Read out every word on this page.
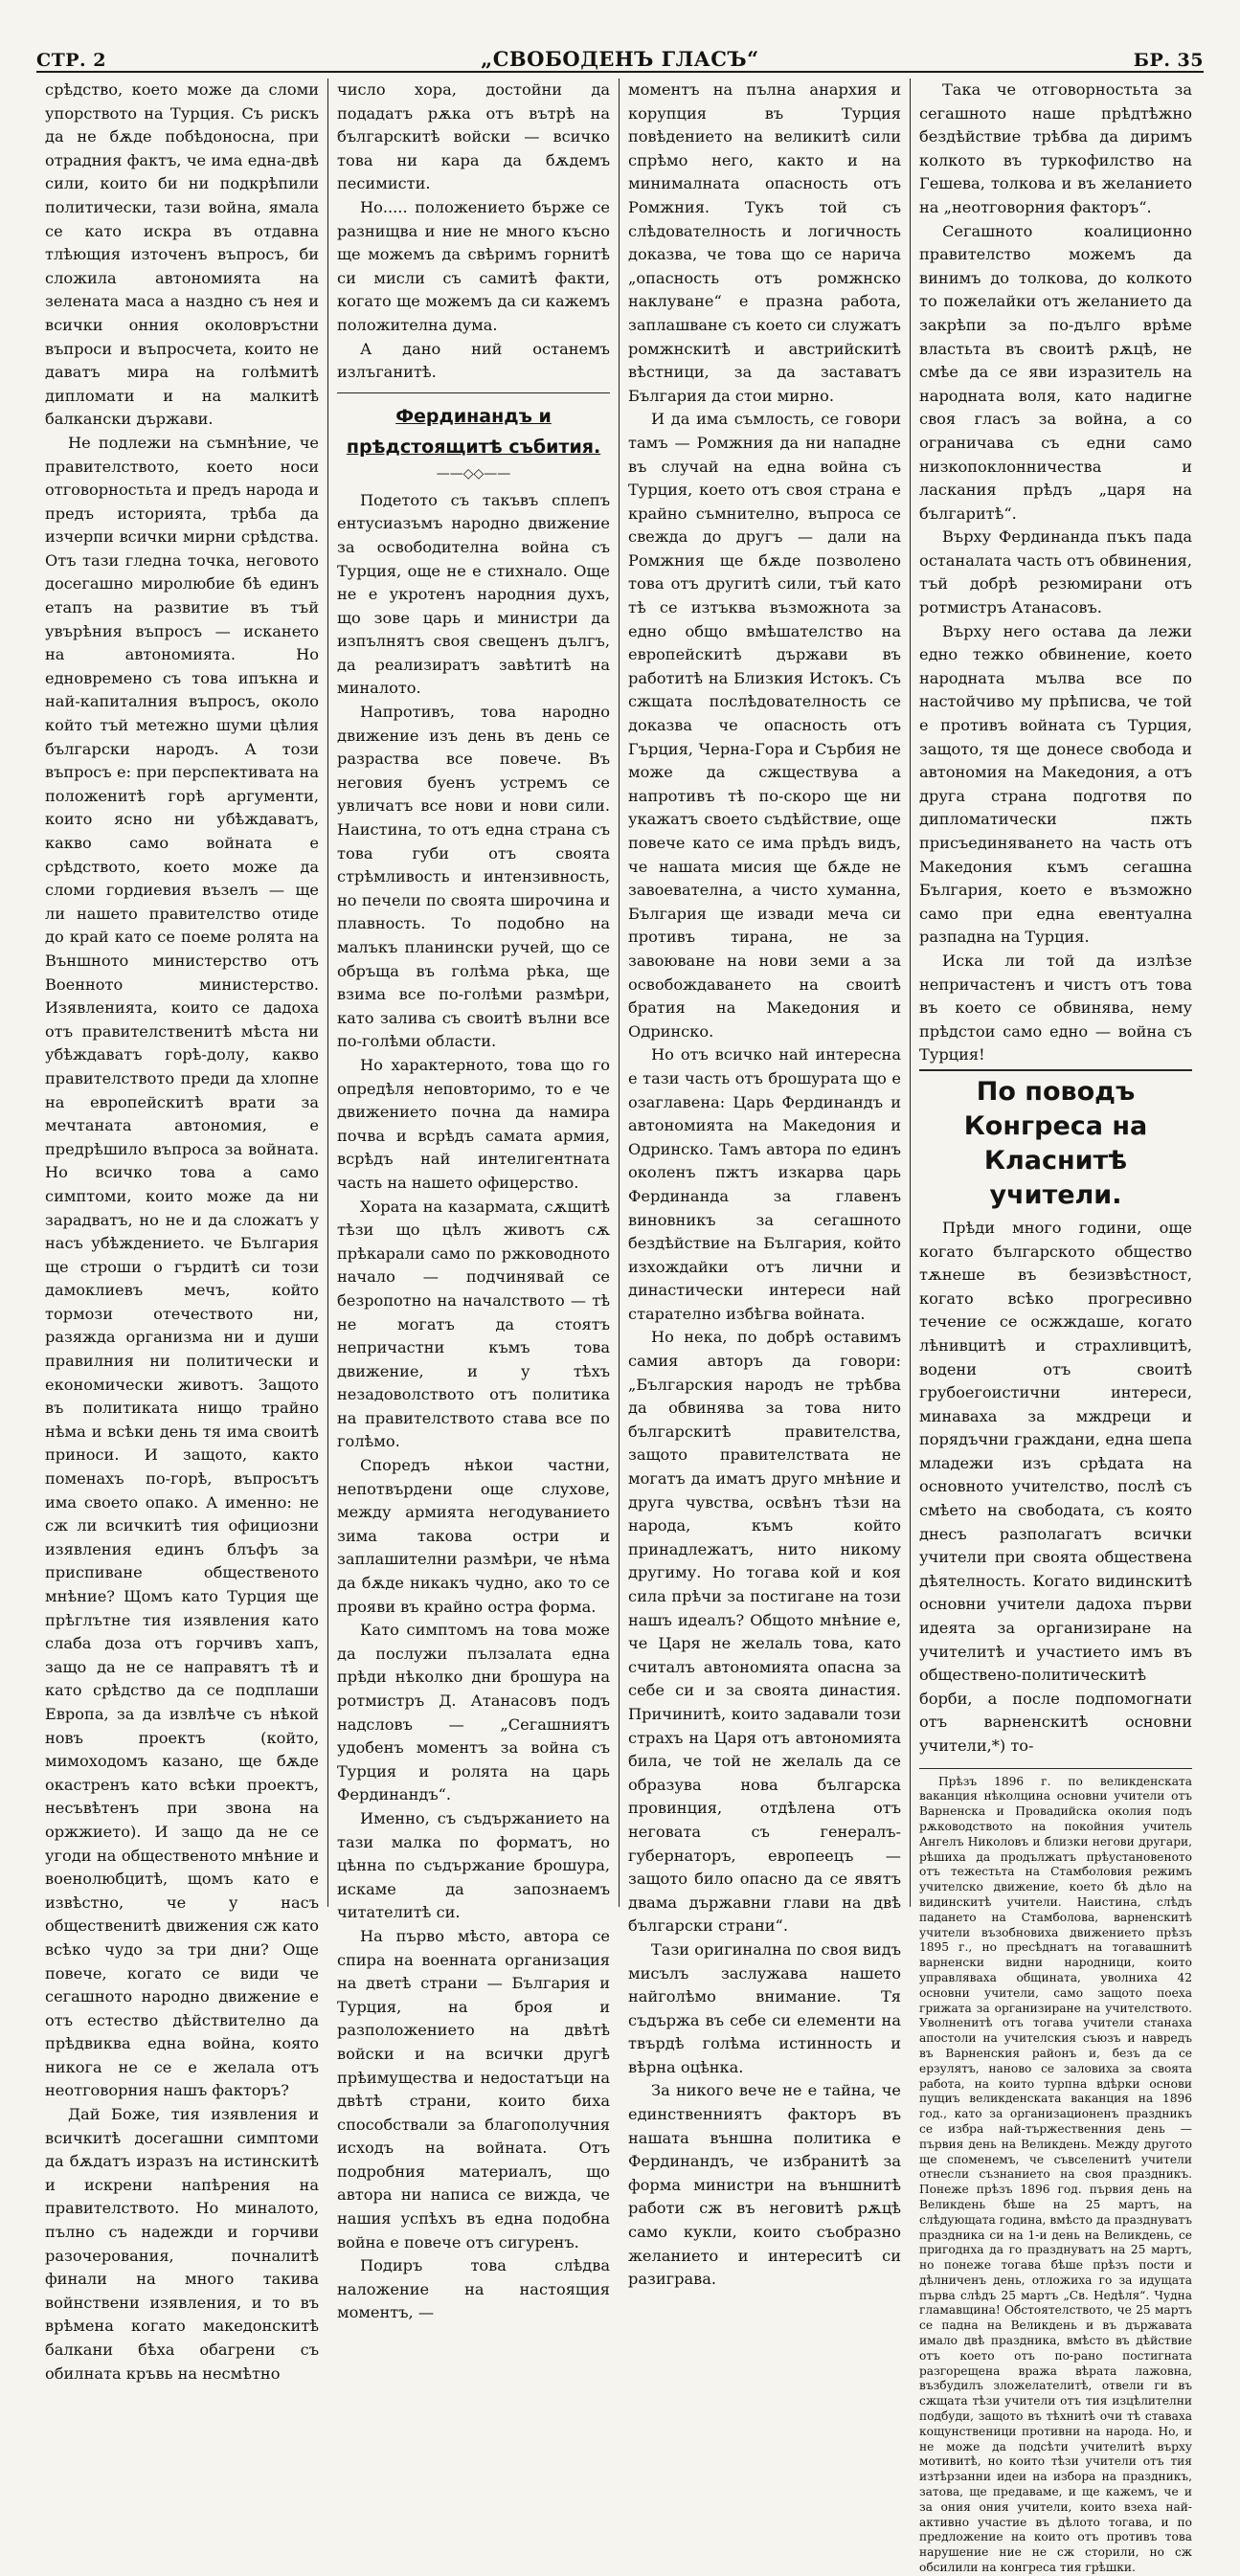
СТР. 2	„СВОБОДЕНЪ ГЛАСЪ“	БР. 35

срѣдство, което може да сломи упорството на Турция. Съ рискъ да не бѫде побѣдоносна, при отрадния фактъ, че има една-двѣ сили, които би ни подкрѣпили политически, тази война, ямала се като искра въ отдавна тлѣющия източенъ въпросъ, би сложила автономията на зелената маса а наздно съ нея и всички онния околовръстни въпроси и въпросчета, които не даватъ мира на голѣмитѣ дипломати и на малкитѣ балкански държави.

Не подлежи на съмнѣние, че правителството, което носи отговорностьта и предъ народа и предъ историята, трѣба да изчерпи всички мирни срѣдства. Отъ тази гледна точка, неговото досегашно миролюбие бѣ единъ етапъ на развитие въ тъй увърѣния въпросъ — искането на автономията. Но едновремено съ това ипъкна и най-капиталния въпросъ, около който тъй метежно шуми цѣлия български народъ. А този въпросъ е: при перспективата на положенитѣ горѣ аргументи, които ясно ни убѣждаватъ, какво само войната е срѣдството, което може да сломи гордиевия възелъ — ще ли нашето правителство отиде до край като се поеме ролята на Външното министерство отъ Военното министерство. Изявленията, които се дадоха отъ правителственитѣ мѣста ни убѣждаватъ горѣ-долу, какво правителството преди да хлопне на европейскитѣ врати за мечтаната автономия, е предрѣшило въпроса за войната. Но всичко това а само симптоми, които може да ни зарадватъ, но не и да сложатъ у насъ убѣждението. че България ще строши о гърдитѣ си този дамоклиевъ мечъ, който тормози отечеството ни, разяжда организма ни и души правилния ни политически и економически животъ. Защото въ политиката нищо трайно нѣма и всѣки день тя има своитѣ приноси. И защото, както поменахъ по-горѣ, въпросътъ има своето опако. А именно: не сж ли всичкитѣ тия официозни изявления единъ блъфъ за приспиване общественото мнѣние? Щомъ като Турция ще прѣглътне тия изявления като слаба доза отъ горчивъ хапъ, защо да не се направятъ тѣ и като срѣдство да се подплаши Европа, за да извлѣче съ нѣкой новъ проектъ (който, мимоходомъ казано, ще бѫде окастренъ като всѣки проектъ, несъвѣтенъ при звона на оржжието). И защо да не се угоди на общественото мнѣние и военолюбцитѣ, щомъ като е извѣстно, че у насъ общественитѣ движения сж като всѣко чудо за три дни? Още повече, когато се види че сегашното народно движение е отъ естество дѣйствително да прѣдвиква една война, която никога не се е желала отъ неотговорния нашъ факторъ?

Дай Боже, тия изявления и всичкитѣ досегашни симптоми да бѫдатъ изразъ на истинскитѣ и искрени напѣрения на правителството. Но миналото, пълно съ надежди и горчиви разочерования, почналитѣ финали на много такива войнствени изявления, и то въ врѣмена когато македонскитѣ балкани бѣха обагрени съ обилната кръвь на несмѣтно

число хора, достойни да подадатъ рѫка отъ вътрѣ на българскитѣ войски — всичко това ни кара да бѫдемъ песимисти.

Но..... положението бърже се разнищва и ние не много късно ще можемъ да свѣримъ горнитѣ си мисли съ самитѣ факти, когато ще можемъ да си кажемъ положителна дума.

А дано ний останемъ излъганитѣ.

Фердинандъ и прѣдстоящитѣ събития.
——◇◇——

Подетото съ такъвъ сплепъ ентусиазъмъ народно движение за освободителна война съ Турция, още не е стихнало. Още не е укротенъ народния духъ, що зове царь и министри да изпълнятъ своя свещенъ дългъ, да реализиратъ завѣтитѣ на миналото.

Напротивъ, това народно движение изъ день въ день се разраства все повече. Въ неговия буенъ устремъ се увличатъ все нови и нови сили. Наистина, то отъ една страна съ това губи отъ своята стрѣмливость и интензивность, но печели по своята широчина и плавность. То подобно на малъкъ планински ручей, що се обръща въ голѣма рѣка, ще взима все по-голѣми размѣри, като залива съ своитѣ вълни все по-голѣми области.

Но характерното, това що го опредѣля неповторимо, то е че движението почна да намира почва и всрѣдъ самата армия, всрѣдъ най интелигентната часть на нашето офицерство.

Хората на казармата, сѫщитѣ тѣзи що цѣлъ животъ сѫ прѣкарали само по ржководното начало — подчинявай се безропотно на началството — тѣ не могатъ да стоятъ непричастни къмъ това движение, и у тѣхъ незадоволството отъ политика на правителството става все по голѣмо.

Споредъ нѣкои частни, непотвърдени още слухове, между армията негодуванието зима такова остри и заплашителни размѣри, че нѣма да бѫде никакъ чудно, ако то се прояви въ крайно остра форма.

Като симптомъ на това може да послужи пълзалата една прѣди нѣколко дни брошура на ротмистръ Д. Атанасовъ подъ надсловъ — „Сегашниятъ удобенъ моментъ за война съ Турция и ролята на царь Фердинандъ“.

Именно, съ съдържанието на тази малка по форматъ, но цѣнна по съдържание брошура, искаме да запознаемъ читателитѣ си.

На първо мѣсто, автора се спира на военната организация на дветѣ страни — България и Турция, на броя и разположението на двѣтѣ войски и на всички другѣ прѣимущества и недостатъци на двѣтѣ страни, които биха способствали за благополучния исходъ на войната. Отъ подробния материалъ, що автора ни написа се вижда, че нашия успѣхъ въ една подобна война е повече отъ сигуренъ.

Подиръ това слѣдва наложение на настоящия моментъ, —

моментъ на пълна анархия и корупция въ Турция повѣдението на великитѣ сили спрѣмо него, както и на минималната опасность отъ Ромжния. Тукъ той съ слѣдователность и логичность доказва, че това що се нарича „опасность отъ ромжнско наклуване“ е празна работа, заплашване съ което си служатъ ромжнскитѣ и австрийскитѣ вѣстници, за да заставатъ България да стои мирно.

И да има съмлость, се говори тамъ — Ромжния да ни нападне въ случай на една война съ Турция, което отъ своя страна е крайно съмнително, въпроса се свежда до другъ — дали на Ромжния ще бѫде позволено това отъ другитѣ сили, тъй като тѣ се изтъква възможнота за едно общо вмѣшателство на европейскитѣ държави въ работитѣ на Близкия Истокъ. Съ сжщата послѣдователность се доказва че опасность отъ Гърция, Черна-Гора и Сърбия не може да сжществува а напротивъ тѣ по-скоро ще ни укажатъ своето съдѣйствие, още повече като се има прѣдъ видъ, че нашата мисия ще бѫде не завоевателна, а чисто хуманна, България ще извади меча си противъ тирана, не за завоюване на нови земи а за освобождаването на своитѣ братия на Македония и Одринско.

Но отъ всичко най интересна е тази часть отъ брошурата що е озаглавена: Царь Фердинандъ и автономията на Македония и Одринско. Тамъ автора по единъ околенъ пжтъ изкарва царь Фердинанда за главенъ виновникъ за сегашното бездѣйствие на България, който изхождайки отъ лични и династически интереси най старателно избѣгва войната.

Но нека, по добрѣ оставимъ самия авторъ да говори: „Българския народъ не трѣбва да обвинява за това нито българскитѣ правителства, защото правителствата не могатъ да иматъ друго мнѣние и друга чувства, освѣнъ тѣзи на народа, къмъ който принадлежатъ, нито никому другиму. Но тогава кой и коя сила прѣчи за постигане на този нашъ идеалъ? Общото мнѣние е, че Царя не желаль това, като считалъ автономията опасна за себе си и за своята династия. Причинитѣ, които задавали този страхъ на Царя отъ автономията била, че той не желаль да се образува нова българска провинция, отдѣлена отъ неговата съ генералъ-губернаторъ, европеецъ — защото било опасно да се явятъ двама държавни глави на двѣ български страни“.

Тази оригинална по своя видъ мисълъ заслужава нашето найголѣмо внимание. Тя съдържа въ себе си елементи на твърдѣ голѣма истинность и вѣрна оцѣнка.

За никого вече не е тайна, че единственниятъ факторъ въ нашата външна политика е Фердинандъ, че избранитѣ за форма министри на външнитѣ работи сж въ неговитѣ рѫцѣ само кукли, които съобразно желанието и интереситѣ си разиграва.

Така че отговорностьта за сегашното наше прѣдтѣжно бездѣйствие трѣбва да диримъ колкото въ туркофилство на Гешева, толкова и въ желанието на „неотговорния факторъ“.

Сегашното коалиционно правителство можемъ да винимъ до толкова, до колкото то пожелайки отъ желанието да закрѣпи за по-дълго врѣме властьта въ своитѣ рѫцѣ, не смѣе да се яви изразитель на народната воля, като надигне своя гласъ за война, а со ограничава съ едни само низкопоклонничества и ласкания прѣдъ „царя на българитѣ“.

Върху Фердинанда пъкъ пада останалата часть отъ обвинения, тъй добрѣ резюмирани отъ ротмистръ Атанасовъ.

Върху него остава да лежи едно тежко обвинение, което народната мълва все по настойчиво му прѣписва, че той е противъ войната съ Турция, защото, тя ще донесе свобода и автономия на Македония, а отъ друга страна подготвя по дипломатически пжть присъединяването на часть отъ Македония къмъ сегашна България, което е възможно само при една евентуална разпадна на Турция.

Иска ли той да излѣзе непричастенъ и чистъ отъ това въ което се обвинява, нему прѣдстои само едно — война съ Турция!

По поводъ Конгреса на Класнитѣ учители.

Прѣди много години, още когато българското общество тѫнеше въ безизвѣстност, когато всѣко прогресивно течение се осжждаше, когато лѣнивцитѣ и страхливцитѣ, водени отъ своитѣ грубоегоистични интереси, минаваха за мждреци и порядъчни граждани, една шепа младежи изъ срѣдата на основното учителство, послѣ съ смѣето на свободата, съ която днесъ разполагатъ всички учители при своята обществена дѣятелность. Когато видинскитѣ основни учители дадоха първи идеята за организиране на учителитѣ и участието имъ въ обществено-политическитѣ борби, а после подпомогнати отъ варненскитѣ основни учители,*) то-

Прѣзъ 1896 г. по великденската ваканция нѣколцина основни учители отъ Варненска и Провадийска околия подъ рѫководството на покойния учитель Ангелъ Николовъ и близки негови другари, рѣшиха да продължатъ прѣустановеното отъ тежестьта на Стамболовия режимъ учителско движение, което бѣ дѣло на видинскитѣ учители. Наистина, слѣдъ падането на Стамболова, варненскитѣ учители възобновиха движението прѣзъ 1895 г., но пресѣднатъ на тогавашнитѣ варненски видни народници, които управляваха общината, уволниха 42 основни учители, само защото поеха грижата за организиране на учителството. Уволненитѣ отъ тогава учители станаха апостоли на учителския съюзъ и навредъ въ Варненския районъ и, безъ да се ерзулятъ, наново се заловиха за своята работа, на които турпна вдѣрки основи пущиъ великденската ваканция на 1896 год., като за организационенъ праздникъ се избра най-тържественния день — първия день на Великдень. Между другото ще споменемъ, че съвселенитѣ учители отнесли съзнанието на своя праздникъ. Понеже прѣзъ 1896 год. първия день на Великдень бѣше на 25 мартъ, на слѣдующата година, вмѣсто да празднуватъ праздника си на 1-и день на Великдень, се пригоднха да го празднуватъ на 25 мартъ, но понеже тогава бѣше прѣзъ пости и дѣлниченъ день, отложиха го за идущата първа слѣдъ 25 мартъ „Св. Недѣля“. Чудна гламавщина! Обстоятелството, че 25 мартъ се падна на Великдень и въ държавата имало двѣ праздника, вмѣсто въ дѣйствие отъ което отъ по-рано постигната разгорещена вража вѣрата лажовна, възбудилъ зложелателитѣ, отвели ги въ сжщата тѣзи учители отъ тия изцѣлителни подбуди, защото въ тѣхнитѣ очи тѣ ставаха кощунственици противни на народа. Но, и не може да подсѣти учителитѣ върху мотивитѣ, но които тѣзи учители отъ тия изтѣрзанни идеи на избора на праздникъ, затова, ще предаваме, и ще кажемъ, че и за ония ония учители, които взеха най-активно участие въ дѣлото тогава, и по предложение на които отъ противъ това нарушение ние не сж сторили, но сж обсилили на конгреса тия грѣшки.
